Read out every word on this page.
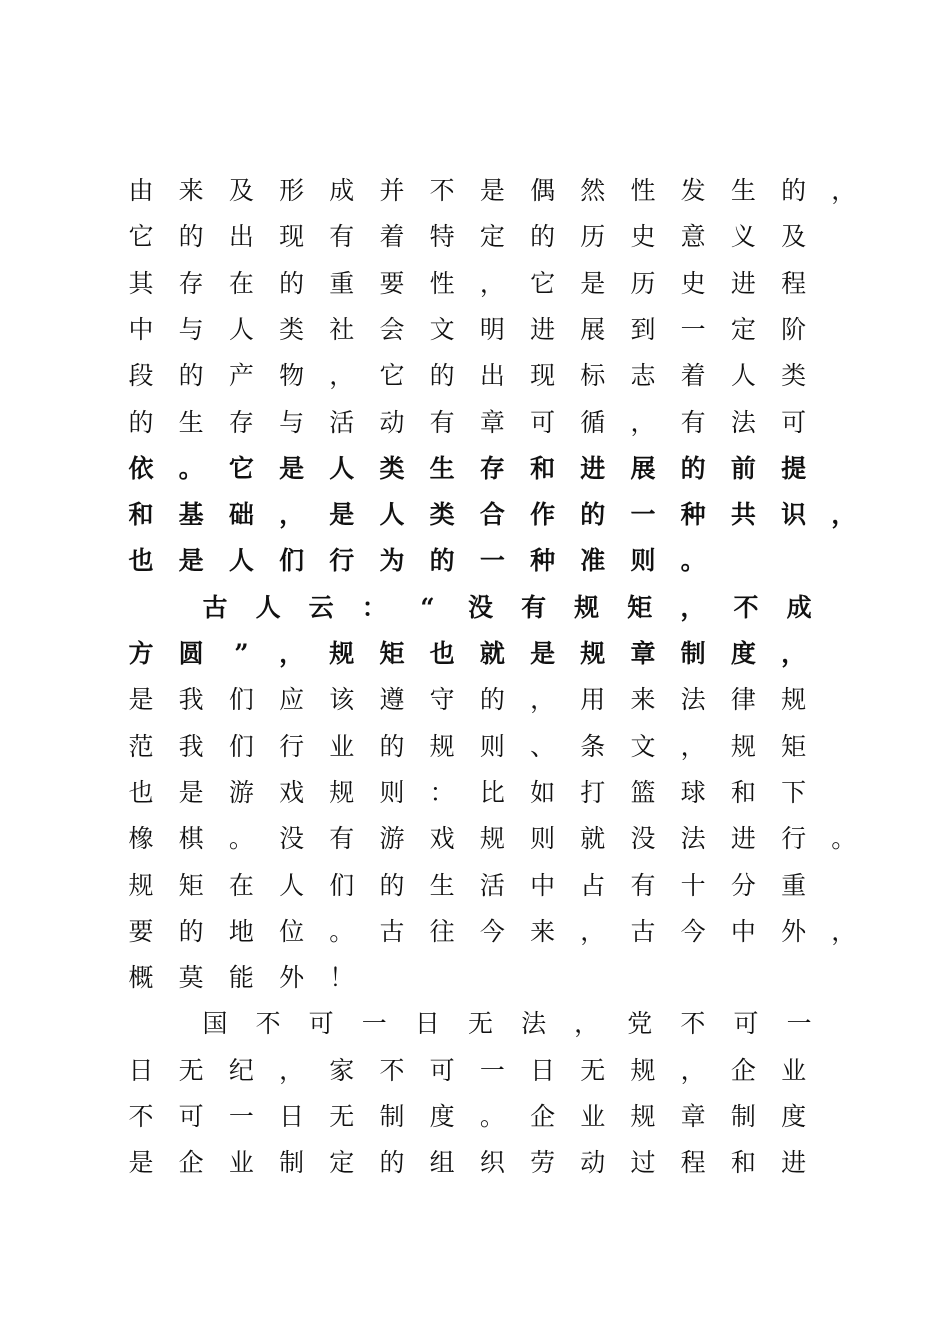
由 来 及 形 成 并 不 是 偶 然 性 发 生 的 ，
它 的 出 现 有 着 特 定 的 历 史 意 义 及
其 存 在 的 重 要 性 ， 它 是 历 史 进 程
中 与 人 类 社 会 文 明 进 展 到 一 定 阶
段 的 产 物 ， 它 的 出 现 标 志 着 人 类
的 生 存 与 活 动 有 章 可 循 ， 有 法 可
依 。 它 是 人 类 生 存 和 进 展 的 前 提
和 基 础 ， 是 人 类 合 作 的 一 种 共 识 ，
也 是 人 们 行 为 的 一 种 准 则 。
古 人 云 ：	“	没 有 规 矩 ， 不 成
方 圆	”	， 规 矩 也 就 是 规 章 制 度 ，
是 我 们 应 该 遵 守 的 ， 用 来 法 律 规
范 我 们 行 业 的 规 则 、 条 文 ， 规 矩
也 是 游 戏 规 则 ： 比 如 打 篮 球 和 下
橡 棋 。 没 有 游 戏 规 则 就 没 法 进 行 。
规 矩 在 人 们 的 生 活 中 占 有 十 分 重
要 的 地 位 。 古 往 今 来 ， 古 今 中 外 ，
概 莫 能 外 ！
国 不 可 一 日 无 法 ， 党 不 可 一
日 无 纪 ， 家 不 可 一 日 无 规 ， 企 业
不 可 一 日 无 制 度 。 企 业 规 章 制 度
是 企 业 制 定 的 组 织 劳 动 过 程 和 进
